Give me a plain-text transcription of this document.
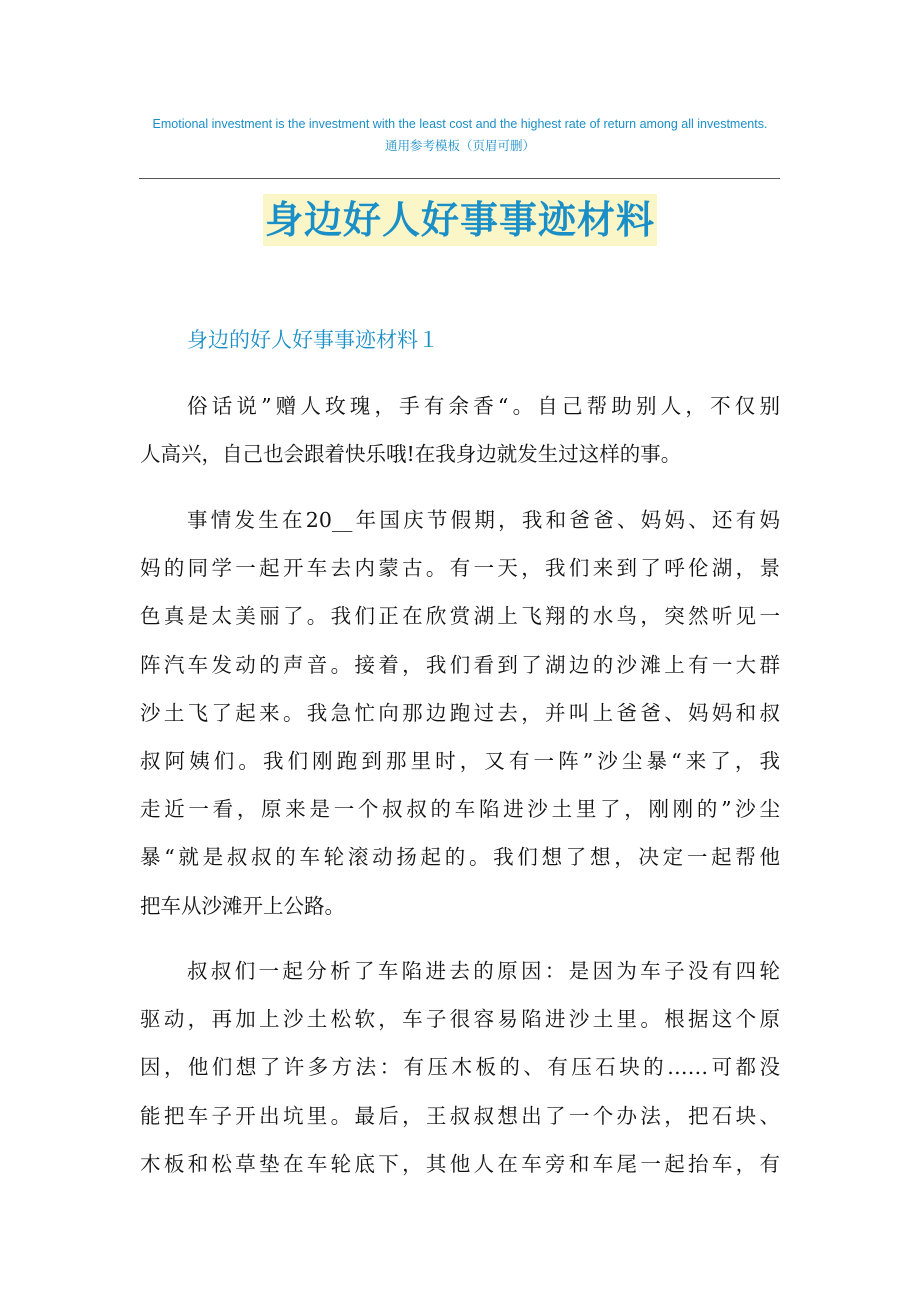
Emotional investment is the investment with the least cost and the highest rate of return among all investments.
通用参考模板（页眉可删）
身边好人好事事迹材料
身边的好人好事事迹材料１
俗话说”赠人玫瑰，手有余香“。自己帮助别人，不仅别
人高兴，自己也会跟着快乐哦!在我身边就发生过这样的事。
事情发生在20__年国庆节假期，我和爸爸、妈妈、还有妈
妈的同学一起开车去内蒙古。有一天，我们来到了呼伦湖，景
色真是太美丽了。我们正在欣赏湖上飞翔的水鸟，突然听见一
阵汽车发动的声音。接着，我们看到了湖边的沙滩上有一大群
沙土飞了起来。我急忙向那边跑过去，并叫上爸爸、妈妈和叔
叔阿姨们。我们刚跑到那里时，又有一阵”沙尘暴“来了，我
走近一看，原来是一个叔叔的车陷进沙土里了，刚刚的”沙尘
暴“就是叔叔的车轮滚动扬起的。我们想了想，决定一起帮他
把车从沙滩开上公路。
叔叔们一起分析了车陷进去的原因：是因为车子没有四轮
驱动，再加上沙土松软，车子很容易陷进沙土里。根据这个原
因，他们想了许多方法：有压木板的、有压石块的……可都没
能把车子开出坑里。最后，王叔叔想出了一个办法，把石块、
木板和松草垫在车轮底下，其他人在车旁和车尾一起抬车，有
